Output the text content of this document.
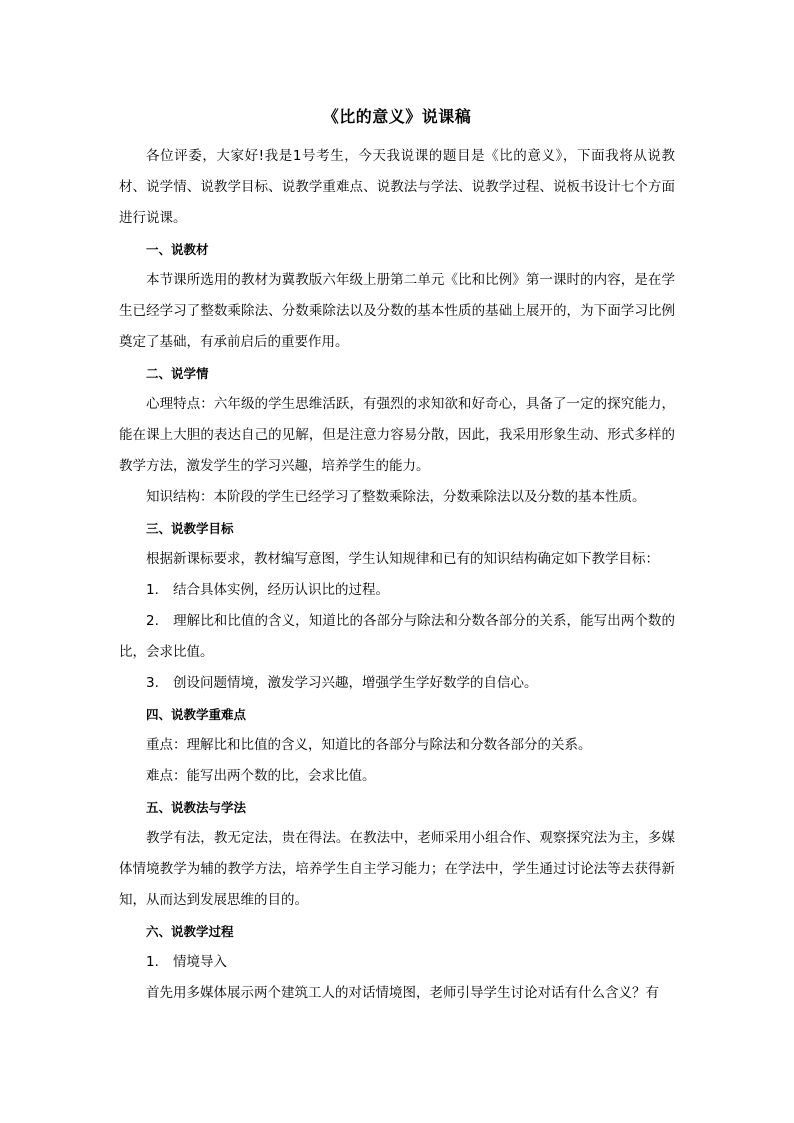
《比的意义》说课稿

各位评委，大家好!我是1号考生，今天我说课的题目是《比的意义》，下面我将从说教材、说学情、说教学目标、说教学重难点、说教法与学法、说教学过程、说板书设计七个方面进行说课。

一、说教材

本节课所选用的教材为冀教版六年级上册第二单元《比和比例》第一课时的内容，是在学生已经学习了整数乘除法、分数乘除法以及分数的基本性质的基础上展开的，为下面学习比例奠定了基础，有承前启后的重要作用。

二、说学情

心理特点：六年级的学生思维活跃，有强烈的求知欲和好奇心，具备了一定的探究能力，能在课上大胆的表达自己的见解，但是注意力容易分散，因此，我采用形象生动、形式多样的教学方法，激发学生的学习兴趣，培养学生的能力。

知识结构：本阶段的学生已经学习了整数乘除法，分数乘除法以及分数的基本性质。

三、说教学目标

根据新课标要求，教材编写意图，学生认知规律和已有的知识结构确定如下教学目标：

1. 结合具体实例，经历认识比的过程。

2. 理解比和比值的含义，知道比的各部分与除法和分数各部分的关系，能写出两个数的比，会求比值。

3. 创设问题情境，激发学习兴趣，增强学生学好数学的自信心。

四、说教学重难点

重点：理解比和比值的含义，知道比的各部分与除法和分数各部分的关系。

难点：能写出两个数的比，会求比值。

五、说教法与学法

教学有法，教无定法，贵在得法。在教法中，老师采用小组合作、观察探究法为主，多媒体情境教学为辅的教学方法，培养学生自主学习能力；在学法中，学生通过讨论法等去获得新知，从而达到发展思维的目的。

六、说教学过程

1. 情境导入

首先用多媒体展示两个建筑工人的对话情境图，老师引导学生讨论对话有什么含义？有
